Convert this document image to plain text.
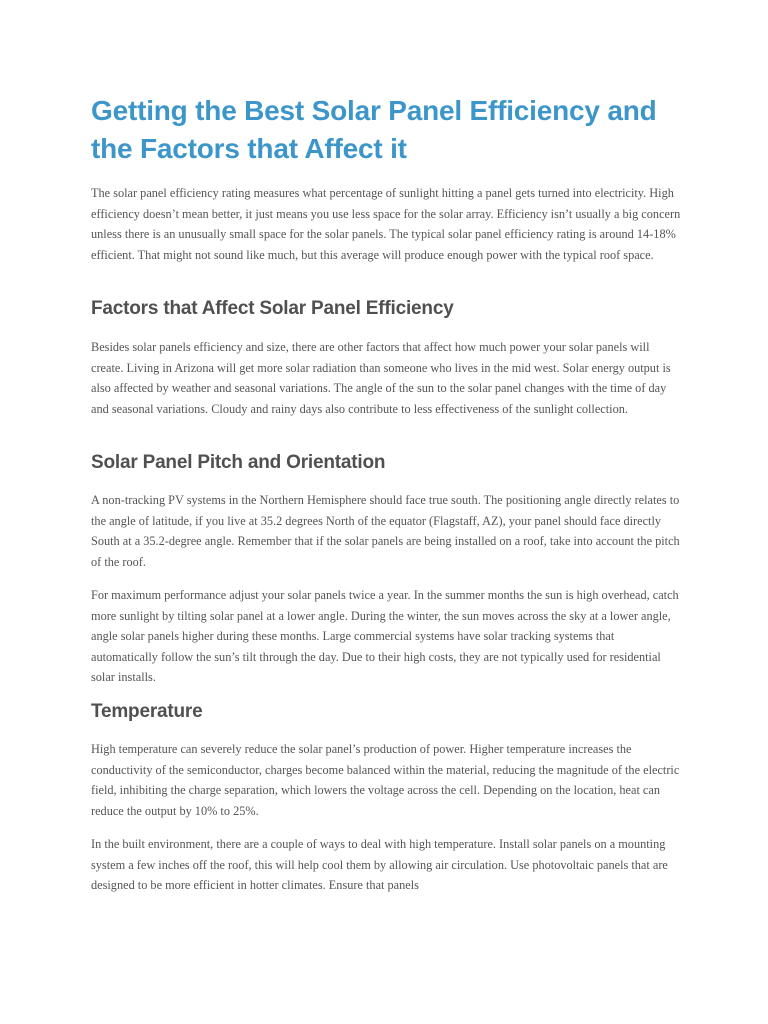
Getting the Best Solar Panel Efficiency and the Factors that Affect it

The solar panel efficiency rating measures what percentage of sunlight hitting a panel gets turned into electricity. High efficiency doesn’t mean better, it just means you use less space for the solar array. Efficiency isn’t usually a big concern unless there is an unusually small space for the solar panels. The typical solar panel efficiency rating is around 14-18% efficient. That might not sound like much, but this average will produce enough power with the typical roof space.

Factors that Affect Solar Panel Efficiency

Besides solar panels efficiency and size, there are other factors that affect how much power your solar panels will create. Living in Arizona will get more solar radiation than someone who lives in the mid west. Solar energy output is also affected by weather and seasonal variations. The angle of the sun to the solar panel changes with the time of day and seasonal variations. Cloudy and rainy days also contribute to less effectiveness of the sunlight collection.

Solar Panel Pitch and Orientation

A non-tracking PV systems in the Northern Hemisphere should face true south. The positioning angle directly relates to the angle of latitude, if you live at 35.2 degrees North of the equator (Flagstaff, AZ), your panel should face directly South at a 35.2-degree angle. Remember that if the solar panels are being installed on a roof, take into account the pitch of the roof.

For maximum performance adjust your solar panels twice a year. In the summer months the sun is high overhead, catch more sunlight by tilting solar panel at a lower angle. During the winter, the sun moves across the sky at a lower angle, angle solar panels higher during these months. Large commercial systems have solar tracking systems that automatically follow the sun’s tilt through the day. Due to their high costs, they are not typically used for residential solar installs.

Temperature

High temperature can severely reduce the solar panel’s production of power. Higher temperature increases the conductivity of the semiconductor, charges become balanced within the material, reducing the magnitude of the electric field, inhibiting the charge separation, which lowers the voltage across the cell. Depending on the location, heat can reduce the output by 10% to 25%.

In the built environment, there are a couple of ways to deal with high temperature. Install solar panels on a mounting system a few inches off the roof, this will help cool them by allowing air circulation. Use photovoltaic panels that are designed to be more efficient in hotter climates. Ensure that panels
